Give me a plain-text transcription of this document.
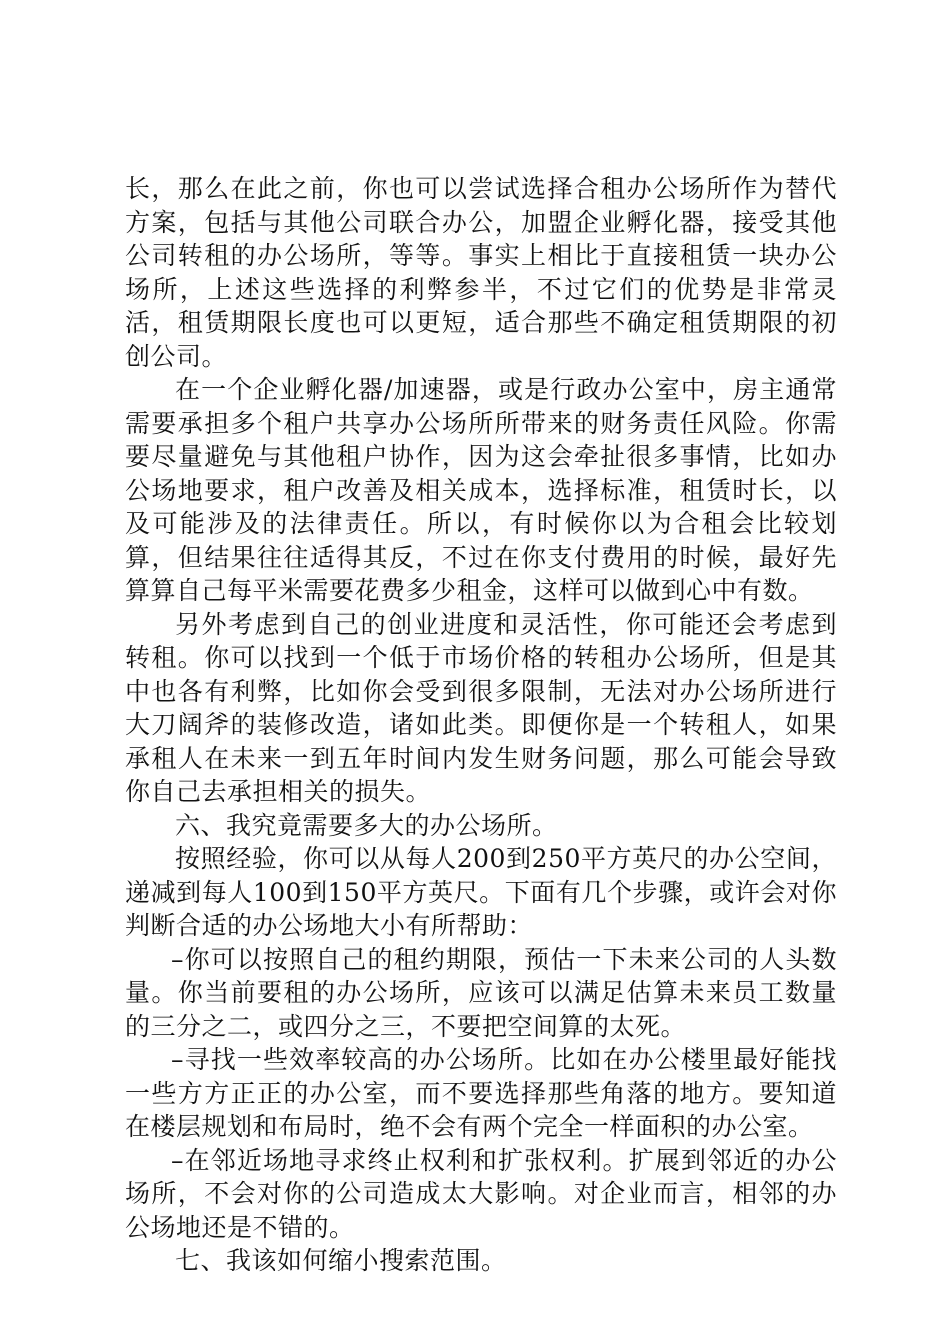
长，那么在此之前，你也可以尝试选择合租办公场所作为替代方案，包括与其他公司联合办公，加盟企业孵化器，接受其他公司转租的办公场所，等等。事实上相比于直接租赁一块办公场所，上述这些选择的利弊参半，不过它们的优势是非常灵活，租赁期限长度也可以更短，适合那些不确定租赁期限的初创公司。

在一个企业孵化器/加速器，或是行政办公室中，房主通常需要承担多个租户共享办公场所所带来的财务责任风险。你需要尽量避免与其他租户协作，因为这会牵扯很多事情，比如办公场地要求，租户改善及相关成本，选择标准，租赁时长，以及可能涉及的法律责任。所以，有时候你以为合租会比较划算，但结果往往适得其反，不过在你支付费用的时候，最好先算算自己每平米需要花费多少租金，这样可以做到心中有数。

另外考虑到自己的创业进度和灵活性，你可能还会考虑到转租。你可以找到一个低于市场价格的转租办公场所，但是其中也各有利弊，比如你会受到很多限制，无法对办公场所进行大刀阔斧的装修改造，诸如此类。即便你是一个转租人，如果承租人在未来一到五年时间内发生财务问题，那么可能会导致你自己去承担相关的损失。

六、我究竟需要多大的办公场所。

按照经验，你可以从每人200到250平方英尺的办公空间，递减到每人100到150平方英尺。下面有几个步骤，或许会对你判断合适的办公场地大小有所帮助：

–你可以按照自己的租约期限，预估一下未来公司的人头数量。你当前要租的办公场所，应该可以满足估算未来员工数量的三分之二，或四分之三，不要把空间算的太死。

–寻找一些效率较高的办公场所。比如在办公楼里最好能找一些方方正正的办公室，而不要选择那些角落的地方。要知道在楼层规划和布局时，绝不会有两个完全一样面积的办公室。

–在邻近场地寻求终止权利和扩张权利。扩展到邻近的办公场所，不会对你的公司造成太大影响。对企业而言，相邻的办公场地还是不错的。

七、我该如何缩小搜索范围。
